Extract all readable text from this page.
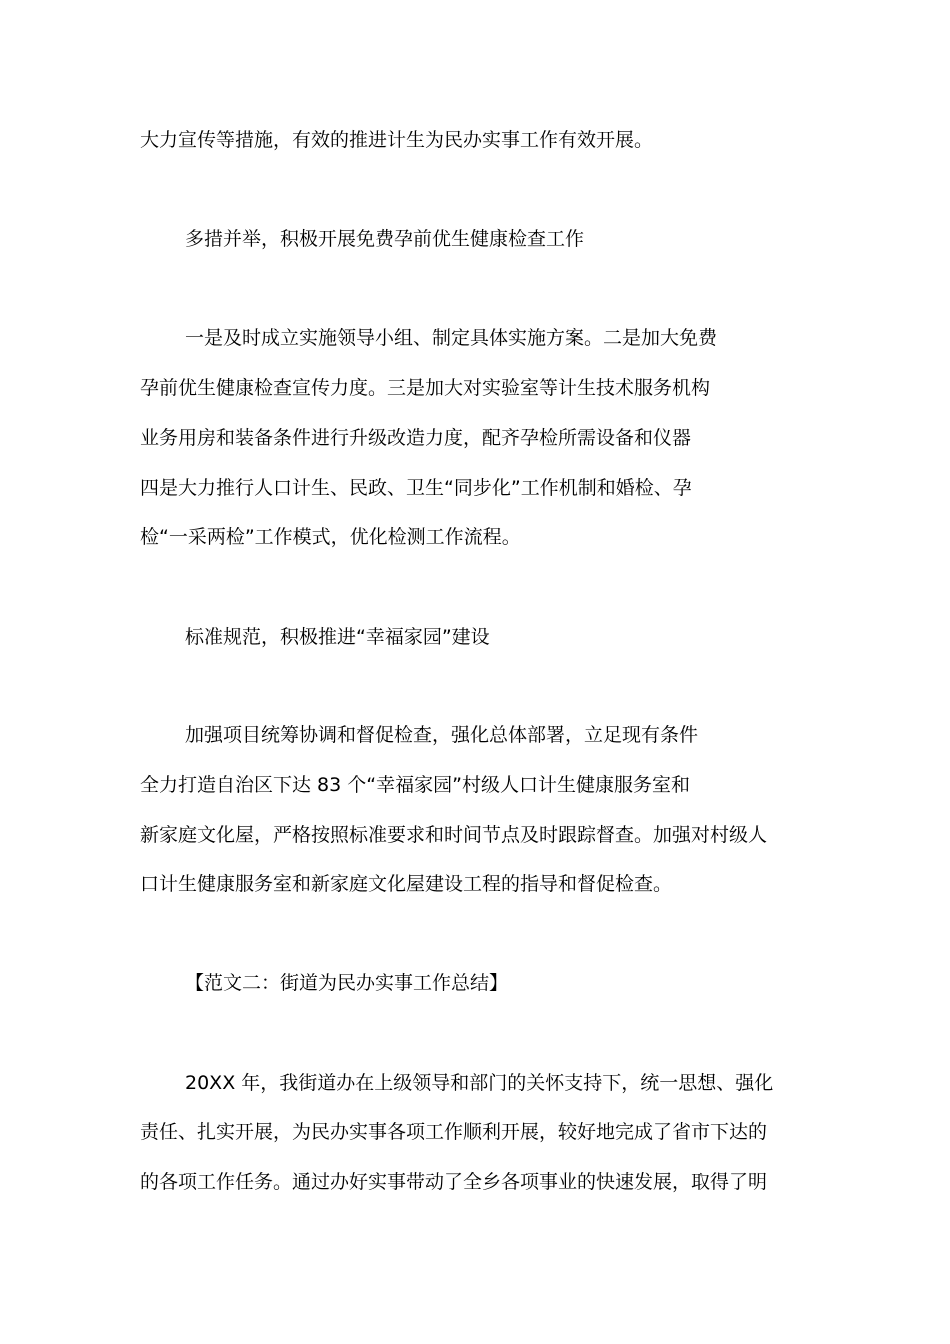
大力宣传等措施，有效的推进计生为民办实事工作有效开展。
多措并举，积极开展免费孕前优生健康检查工作
一是及时成立实施领导小组、制定具体实施方案。二是加大免费
孕前优生健康检查宣传力度。三是加大对实验室等计生技术服务机构
业务用房和装备条件进行升级改造力度，配齐孕检所需设备和仪器
四是大力推行人口计生、民政、卫生“同步化”工作机制和婚检、孕
检“一采两检”工作模式，优化检测工作流程。
标准规范，积极推进“幸福家园”建设
加强项目统筹协调和督促检查，强化总体部署，立足现有条件
全力打造自治区下达 83 个“幸福家园”村级人口计生健康服务室和
新家庭文化屋，严格按照标准要求和时间节点及时跟踪督查。加强对村级人
口计生健康服务室和新家庭文化屋建设工程的指导和督促检查。
【范文二：街道为民办实事工作总结】
20XX 年，我街道办在上级领导和部门的关怀支持下，统一思想、强化
责任、扎实开展，为民办实事各项工作顺利开展，较好地完成了省市下达的
的各项工作任务。通过办好实事带动了全乡各项事业的快速发展，取得了明
